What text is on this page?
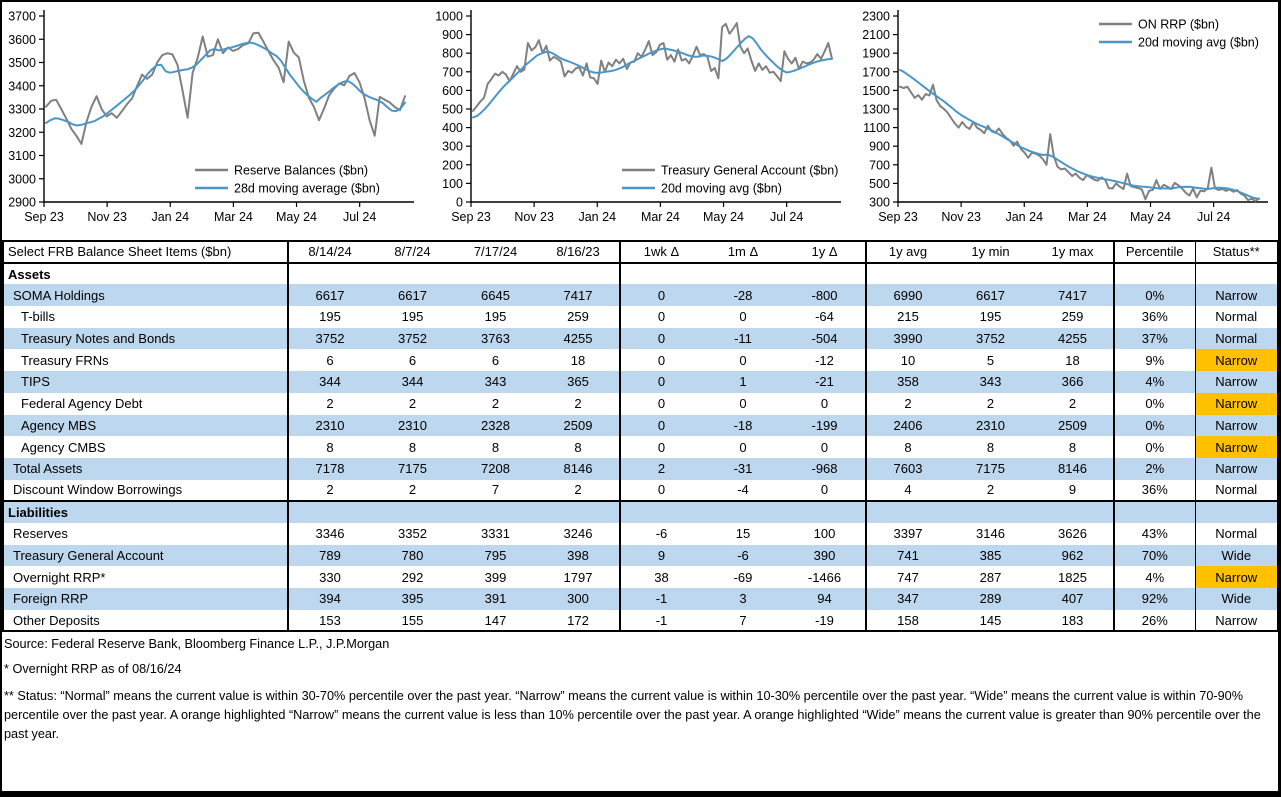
2900
3000
3100
3200
3300
3400
3500
3600
3700
Sep 23 Nov 23 Jan 24 Mar 24 May 24 Jul 24
Reserve Balances ($bn)
28d moving average ($bn)
0
100
200
300
400
500
600
700
800
900
1000
Sep 23 Nov 23 Jan 24 Mar 24 May 24 Jul 24
Treasury General Account ($bn)
20d moving avg ($bn)
300
500
700
900
1100
1300
1500
1700
1900
2100
2300
Sep 23 Nov 23 Jan 24 Mar 24 May 24 Jul 24
ON RRP ($bn)
20d moving avg ($bn)
Select FRB Balance Sheet Items ($bn)	8/14/24	8/7/24	7/17/24	8/16/23	1wk Δ	1m Δ	1y Δ	1y avg	1y min	1y max	Percentile	Status**
Assets												
SOMA Holdings	6617	6617	6645	7417	0	-28	-800	6990	6617	7417	0%	Narrow
T-bills	195	195	195	259	0	0	-64	215	195	259	36%	Normal
Treasury Notes and Bonds	3752	3752	3763	4255	0	-11	-504	3990	3752	4255	37%	Normal
Treasury FRNs	6	6	6	18	0	0	-12	10	5	18	9%	Narrow
TIPS	344	344	343	365	0	1	-21	358	343	366	4%	Narrow
Federal Agency Debt	2	2	2	2	0	0	0	2	2	2	0%	Narrow
Agency MBS	2310	2310	2328	2509	0	-18	-199	2406	2310	2509	0%	Narrow
Agency CMBS	8	8	8	8	0	0	0	8	8	8	0%	Narrow
Total Assets	7178	7175	7208	8146	2	-31	-968	7603	7175	8146	2%	Narrow
Discount Window Borrowings	2	2	7	2	0	-4	0	4	2	9	36%	Normal
Liabilities												
Reserves	3346	3352	3331	3246	-6	15	100	3397	3146	3626	43%	Normal
Treasury General Account	789	780	795	398	9	-6	390	741	385	962	70%	Wide
Overnight RRP*	330	292	399	1797	38	-69	-1466	747	287	1825	4%	Narrow
Foreign RRP	394	395	391	300	-1	3	94	347	289	407	92%	Wide
Other Deposits	153	155	147	172	-1	7	-19	158	145	183	26%	Narrow

Source: Federal Reserve Bank, Bloomberg Finance L.P., J.P.Morgan

* Overnight RRP as of 08/16/24

** Status: “Normal” means the current value is within 30-70% percentile over the past year. “Narrow” means the current value is within 10-30% percentile over the past year. “Wide” means the current value is within 70-90% percentile over the past year. A orange highlighted “Narrow” means the current value is less than 10% percentile over the past year. A orange highlighted “Wide” means the current value is greater than 90% percentile over the past year.
